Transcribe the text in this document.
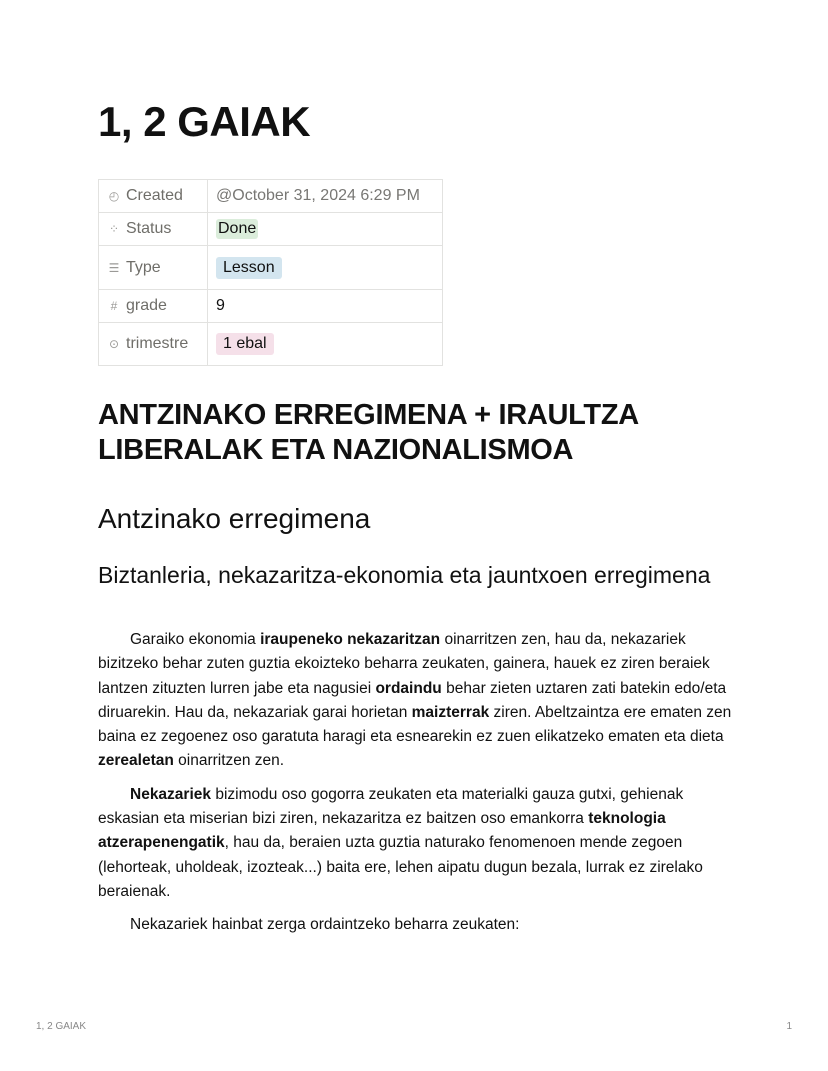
1, 2 GAIAK
◴ Created	@October 31, 2024 6:29 PM
⁘ Status	Done
☰ Type	Lesson
# grade	9
⊙ trimestre	1 ebal
ANTZINAKO ERREGIMENA + IRAULTZA LIBERALAK ETA NAZIONALISMOA
Antzinako erregimena
Biztanleria, nekazaritza-ekonomia eta jauntxoen erregimena

Garaiko ekonomia iraupeneko nekazaritzan oinarritzen zen, hau da, nekazariek bizitzeko behar zuten guztia ekoizteko beharra zeukaten, gainera, hauek ez ziren beraiek lantzen zituzten lurren jabe eta nagusiei ordaindu behar zieten uztaren zati batekin edo/eta diruarekin. Hau da, nekazariak garai horietan maizterrak ziren. Abeltzaintza ere ematen zen baina ez zegoenez oso garatuta haragi eta esnearekin ez zuen elikatzeko ematen eta dieta zerealetan oinarritzen zen.

Nekazariek bizimodu oso gogorra zeukaten eta materialki gauza gutxi, gehienak eskasian eta miserian bizi ziren, nekazaritza ez baitzen oso emankorra teknologia atzerapenengatik, hau da, beraien uzta guztia naturako fenomenoen mende zegoen (lehorteak, uholdeak, izozteak...) baita ere, lehen aipatu dugun bezala, lurrak ez zirelako beraienak.

Nekazariek hainbat zerga ordaintzeko beharra zeukaten:

1, 2 GAIAK	1
